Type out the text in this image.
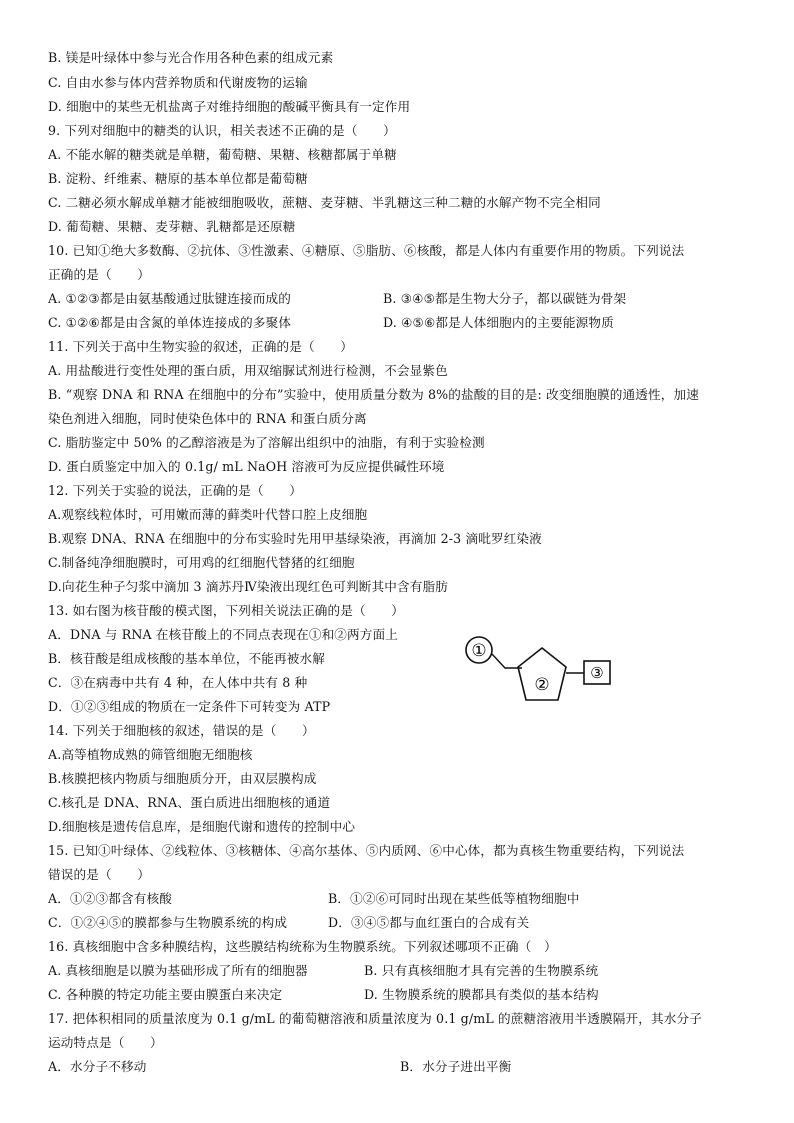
B. 镁是叶绿体中参与光合作用各种色素的组成元素
C. 自由水参与体内营养物质和代谢废物的运输
D. 细胞中的某些无机盐离子对维持细胞的酸碱平衡具有一定作用
9. 下列对细胞中的糖类的认识，相关表述不正确的是（　　）
A. 不能水解的糖类就是单糖，葡萄糖、果糖、核糖都属于单糖
B. 淀粉、纤维素、糖原的基本单位都是葡萄糖
C. 二糖必须水解成单糖才能被细胞吸收，蔗糖、麦芽糖、半乳糖这三种二糖的水解产物不完全相同
D. 葡萄糖、果糖、麦芽糖、乳糖都是还原糖
10. 已知①绝大多数酶、②抗体、③性激素、④糖原、⑤脂肪、⑥核酸，都是人体内有重要作用的物质。下列说法
正确的是（　　）
A. ①②③都是由氨基酸通过肽键连接而成的	B. ③④⑤都是生物大分子，都以碳链为骨架
C. ①②⑥都是由含氮的单体连接成的多聚体	D. ④⑤⑥都是人体细胞内的主要能源物质
11. 下列关于高中生物实验的叙述，正确的是（　　）
A. 用盐酸进行变性处理的蛋白质，用双缩脲试剂进行检测，不会显紫色
B. “观察 DNA 和 RNA 在细胞中的分布”实验中，使用质量分数为 8%的盐酸的目的是: 改变细胞膜的通透性，加速
染色剂进入细胞，同时使染色体中的 RNA 和蛋白质分离
C. 脂肪鉴定中 50% 的乙醇溶液是为了溶解出组织中的油脂，有利于实验检测
D. 蛋白质鉴定中加入的 0.1g/ mL NaOH 溶液可为反应提供碱性环境
12. 下列关于实验的说法，正确的是（　　）
A.观察线粒体时，可用嫩而薄的藓类叶代替口腔上皮细胞
B.观察 DNA、RNA 在细胞中的分布实验时先用甲基绿染液，再滴加 2-3 滴吡罗红染液
C.制备纯净细胞膜时，可用鸡的红细胞代替猪的红细胞
D.向花生种子匀浆中滴加 3 滴苏丹Ⅳ染液出现红色可判断其中含有脂肪
13. 如右图为核苷酸的模式图，下列相关说法正确的是（　　）
A．DNA 与 RNA 在核苷酸上的不同点表现在①和②两方面上
B．核苷酸是组成核酸的基本单位，不能再被水解
C．③在病毒中共有 4 种，在人体中共有 8 种
D．①②③组成的物质在一定条件下可转变为 ATP
①
②
③
14. 下列关于细胞核的叙述，错误的是（　　）
A.高等植物成熟的筛管细胞无细胞核
B.核膜把核内物质与细胞质分开，由双层膜构成
C.核孔是 DNA、RNA、蛋白质进出细胞核的通道
D.细胞核是遗传信息库，是细胞代谢和遗传的控制中心
15. 已知①叶绿体、②线粒体、③核糖体、④高尔基体、⑤内质网、⑥中心体，都为真核生物重要结构，下列说法
错误的是（　　）
A．①②③都含有核酸	B．①②⑥可同时出现在某些低等植物细胞中
C．①②④⑤的膜都参与生物膜系统的构成	D．③④⑤都与血红蛋白的合成有关
16. 真核细胞中含多种膜结构，这些膜结构统称为生物膜系统。下列叙述哪项不正确（　）
A. 真核细胞是以膜为基础形成了所有的细胞器	B. 只有真核细胞才具有完善的生物膜系统
C. 各种膜的特定功能主要由膜蛋白来决定	D. 生物膜系统的膜都具有类似的基本结构
17. 把体积相同的质量浓度为 0.1 g/mL 的葡萄糖溶液和质量浓度为 0.1 g/mL 的蔗糖溶液用半透膜隔开，其水分子
运动特点是（　　）
A．水分子不移动	B．水分子进出平衡
